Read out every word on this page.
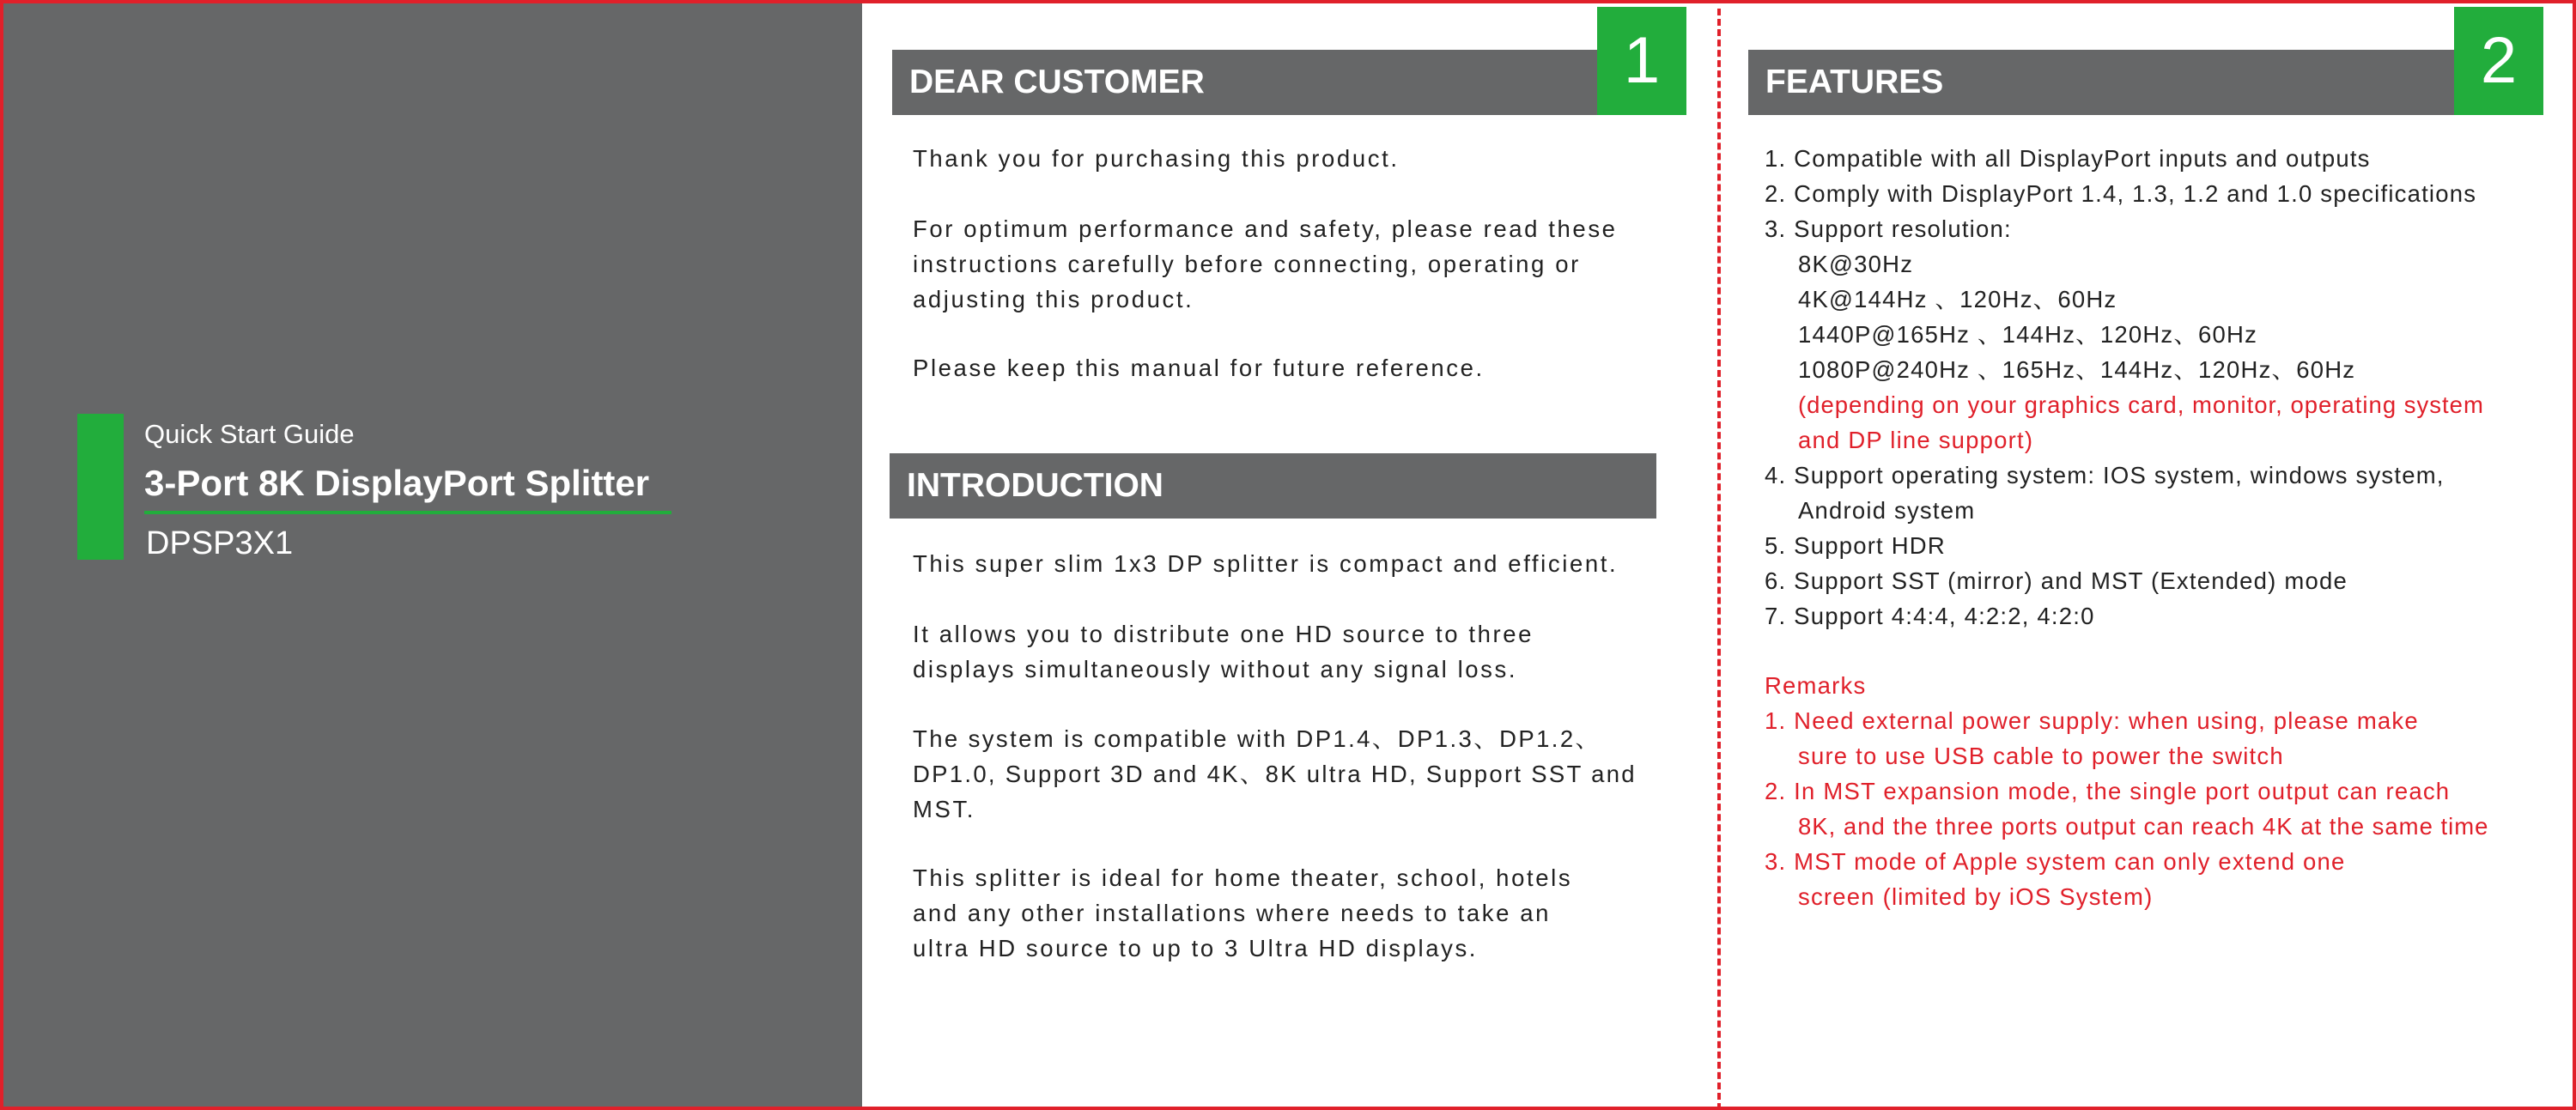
Quick Start Guide
3-Port 8K DisplayPort Splitter
DPSP3X1
DEAR CUSTOMER	1
Thank you for purchasing this product.
For optimum performance and safety, please read these
instructions carefully before connecting, operating or
adjusting this product.
Please keep this manual for future reference.
INTRODUCTION
This super slim 1x3 DP splitter is compact and efficient.
It allows you to distribute one HD source to three
displays simultaneously without any signal loss.
The system is compatible with DP1.4、DP1.3、DP1.2、
DP1.0, Support 3D and 4K、8K ultra HD, Support SST and
MST.
This splitter is ideal for home theater, school, hotels
and any other installations where needs to take an
ultra HD source to up to 3 Ultra HD displays.
FEATURES	2
1. Compatible with all DisplayPort inputs and outputs
2. Comply with DisplayPort 1.4, 1.3, 1.2 and 1.0 specifications
3. Support resolution:
8K@30Hz
4K@144Hz 、120Hz、60Hz
1440P@165Hz 、144Hz、120Hz、60Hz
1080P@240Hz 、165Hz、144Hz、120Hz、60Hz
(depending on your graphics card, monitor, operating system
and DP line support)
4. Support operating system: IOS system, windows system,
Android system
5. Support HDR
6. Support SST (mirror) and MST (Extended) mode
7. Support 4:4:4, 4:2:2, 4:2:0
Remarks
1. Need external power supply: when using, please make
sure to use USB cable to power the switch
2. In MST expansion mode, the single port output can reach
8K, and the three ports output can reach 4K at the same time
3. MST mode of Apple system can only extend one
screen (limited by iOS System)
